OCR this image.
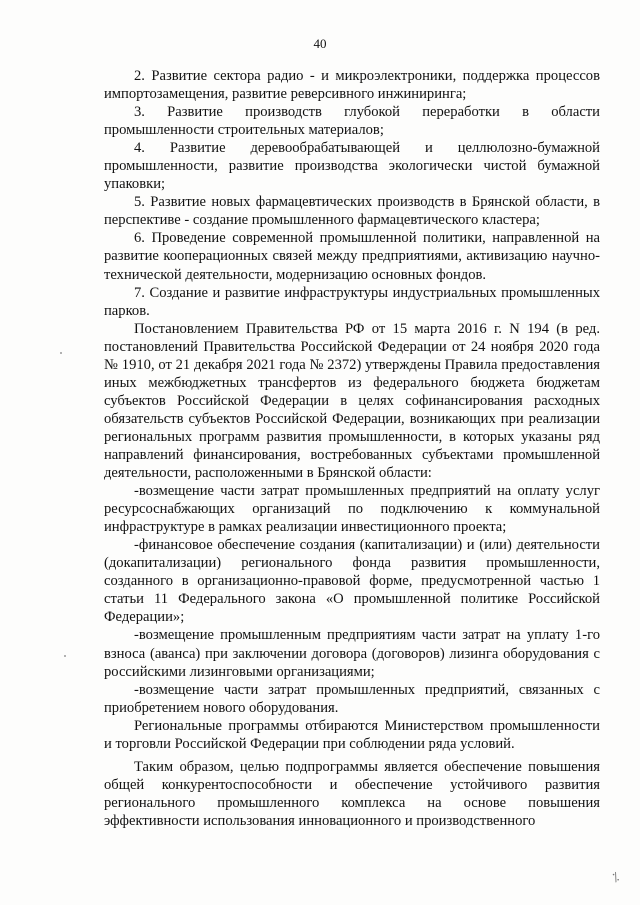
40

2. Развитие сектора радио - и микроэлектроники, поддержка процессов импортозамещения, развитие реверсивного инжиниринга;

3. Развитие производств глубокой переработки в области промышленности строительных материалов;

4. Развитие деревообрабатывающей и целлюлозно-бумажной промышленности, развитие производства экологически чистой бумажной упаковки;

5. Развитие новых фармацевтических производств в Брянской области, в перспективе - создание промышленного фармацевтического кластера;

6. Проведение современной промышленной политики, направленной на развитие кооперационных связей между предприятиями, активизацию научно-технической деятельности, модернизацию основных фондов.

7. Создание и развитие инфраструктуры индустриальных промышленных парков.

Постановлением Правительства РФ от 15 марта 2016 г. N 194 (в ред. постановлений Правительства Российской Федерации от 24 ноября 2020 года № 1910, от 21 декабря 2021 года № 2372) утверждены Правила предоставления иных межбюджетных трансфертов из федерального бюджета бюджетам субъектов Российской Федерации в целях софинансирования расходных обязательств субъектов Российской Федерации, возникающих при реализации региональных программ развития промышленности, в которых указаны ряд направлений финансирования, востребованных субъектами промышленной деятельности, расположенными в Брянской области:

-возмещение части затрат промышленных предприятий на оплату услуг ресурсоснабжающих организаций по подключению к коммунальной инфраструктуре в рамках реализации инвестиционного проекта;

-финансовое обеспечение создания (капитализации) и (или) деятельности (докапитализации) регионального фонда развития промышленности, созданного в организационно-правовой форме, предусмотренной частью 1 статьи 11 Федерального закона «О промышленной политике Российской Федерации»;

-возмещение промышленным предприятиям части затрат на уплату 1-го взноса (аванса) при заключении договора (договоров) лизинга оборудования с российскими лизинговыми организациями;

-возмещение части затрат промышленных предприятий, связанных с приобретением нового оборудования.

Региональные программы отбираются Министерством промышленности и торговли Российской Федерации при соблюдении ряда условий.

Таким образом, целью подпрограммы является обеспечение повышения общей конкурентоспособности и обеспечение устойчивого развития регионального промышленного комплекса на основе повышения эффективности использования инновационного и производственного

⁒
